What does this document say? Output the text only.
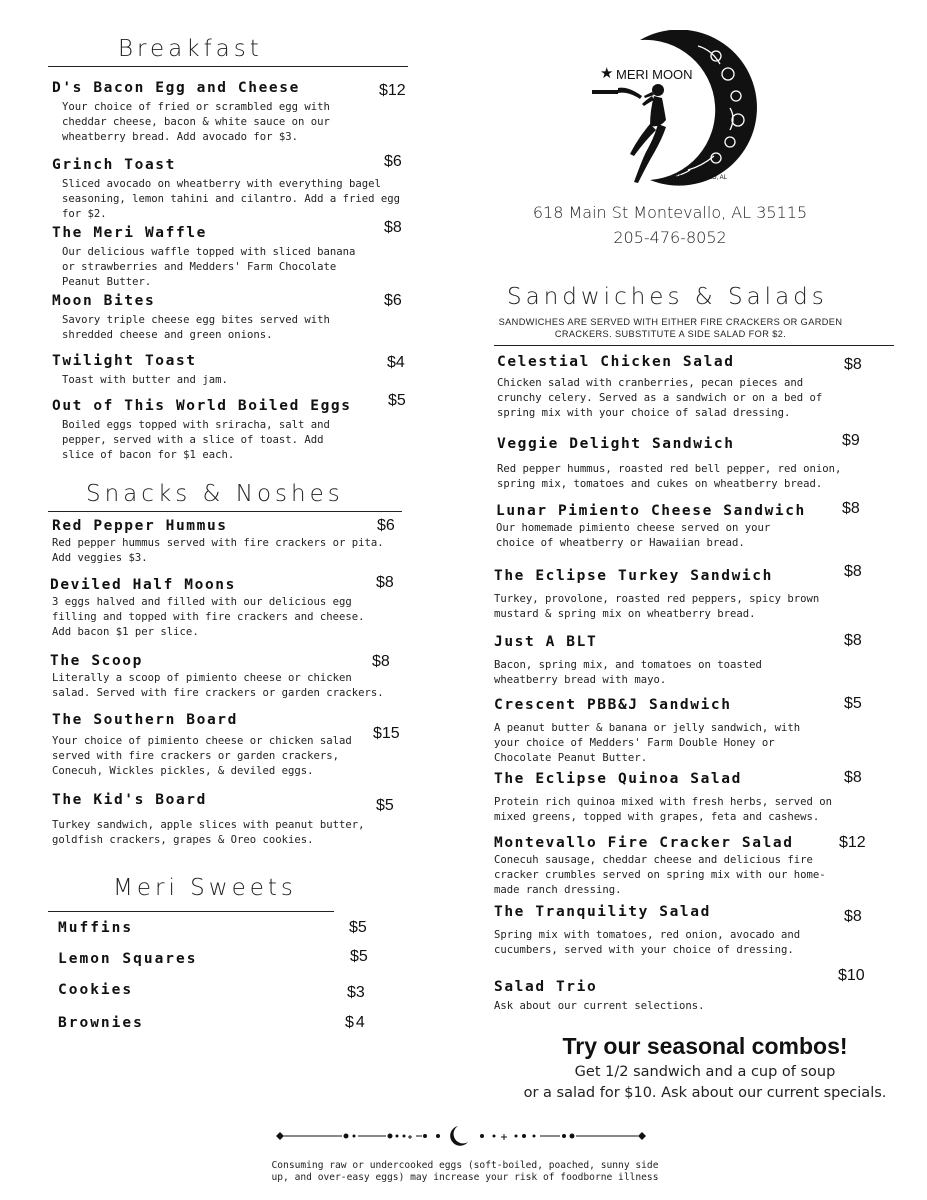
Breakfast
D's Bacon Egg and Cheese
Your choice of fried or scrambled egg with cheddar cheese, bacon & white sauce on our wheatberry bread. Add avocado for $3.
$12
Grinch Toast
Sliced avocado on wheatberry with everything bagel seasoning, lemon tahini and cilantro. Add a fried egg for $2.
$6
The Meri Waffle
Our delicious waffle topped with sliced banana or strawberries and Medders' Farm Chocolate Peanut Butter.
$8
Moon Bites
Savory triple cheese egg bites served with shredded cheese and green onions.
$6
Twilight Toast
Toast with butter and jam.
$4
Out of This World Boiled Eggs
Boiled eggs topped with sriracha, salt and pepper, served with a slice of toast. Add slice of bacon for $1 each.
$5
Snacks & Noshes
Red Pepper Hummus
Red pepper hummus served with fire crackers or pita. Add veggies $3.
$6
Deviled Half Moons
3 eggs halved and filled with our delicious egg filling and topped with fire crackers and cheese. Add bacon $1 per slice.
$8
The Scoop
Literally a scoop of pimiento cheese or chicken salad. Served with fire crackers or garden crackers.
$8
The Southern Board
Your choice of pimiento cheese or chicken salad served with fire crackers or garden crackers, Conecuh, Wickles pickles, & deviled eggs.
$15
The Kid's Board
Turkey sandwich, apple slices with peanut butter, goldfish crackers, grapes & Oreo cookies.
$5
Meri Sweets
Muffins	$5
Lemon Squares	$5
Cookies	$3
Brownies	$4
★ MERI MOON
MONTEVALLO, AL
618 Main St Montevallo, AL 35115
205-476-8052
Sandwiches & Salads
SANDWICHES ARE SERVED WITH EITHER FIRE CRACKERS OR GARDEN CRACKERS. SUBSTITUTE A SIDE SALAD FOR $2.
Celestial Chicken Salad
Chicken salad with cranberries, pecan pieces and crunchy celery. Served as a sandwich or on a bed of spring mix with your choice of salad dressing.
$8
Veggie Delight Sandwich
Red pepper hummus, roasted red bell pepper, red onion, spring mix, tomatoes and cukes on wheatberry bread.
$9
Lunar Pimiento Cheese Sandwich
Our homemade pimiento cheese served on your choice of wheatberry or Hawaiian bread.
$8
The Eclipse Turkey Sandwich
Turkey, provolone, roasted red peppers, spicy brown mustard & spring mix on wheatberry bread.
$8
Just A BLT
Bacon, spring mix, and tomatoes on toasted wheatberry bread with mayo.
$8
Crescent PBB&J Sandwich
A peanut butter & banana or jelly sandwich, with your choice of Medders' Farm Double Honey or Chocolate Peanut Butter.
$5
The Eclipse Quinoa Salad
Protein rich quinoa mixed with fresh herbs, served on mixed greens, topped with grapes, feta and cashews.
$8
Montevallo Fire Cracker Salad
Conecuh sausage, cheddar cheese and delicious fire cracker crumbles served on spring mix with our home-made ranch dressing.
$12
The Tranquility Salad
Spring mix with tomatoes, red onion, avocado and cucumbers, served with your choice of dressing.
$8
Salad Trio
Ask about our current selections.
$10
Try our seasonal combos!
Get 1/2 sandwich and a cup of soup
or a salad for $10. Ask about our current specials.
Consuming raw or undercooked eggs (soft-boiled, poached, sunny side
up, and over-easy eggs) may increase your risk of foodborne illness
